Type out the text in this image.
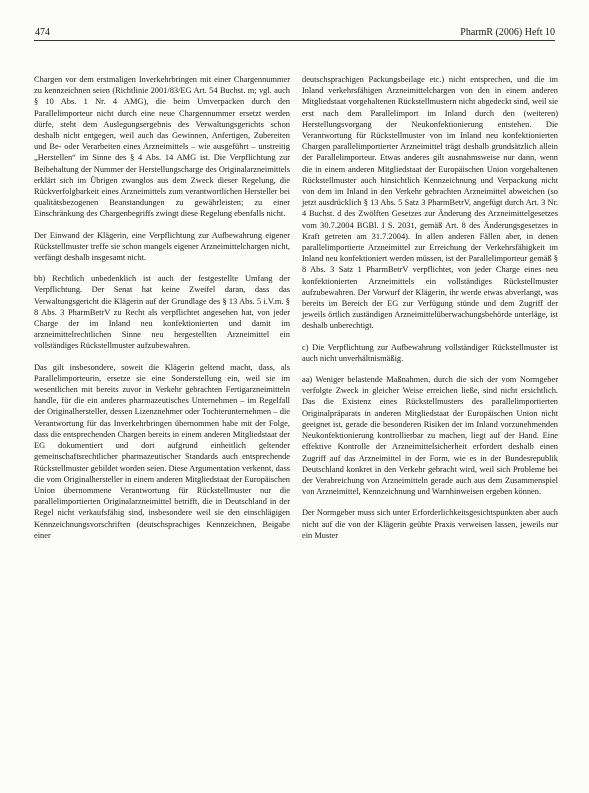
474	PharmR (2006) Heft 10

Chargen vor dem erstmaligen Inverkehrbringen mit einer Chargennummer zu kennzeichnen seien (Richtlinie 2001/83/EG Art. 54 Buchst. m; vgl. auch § 10 Abs. 1 Nr. 4 AMG), die beim Umverpacken durch den Parallelimporteur nicht durch eine neue Chargennummer ersetzt werden dürfe, steht dem Auslegungsergebnis des Verwaltungsgerichts schon deshalb nicht entgegen, weil auch das Gewinnen, Anfertigen, Zubereiten und Be- oder Verarbeiten eines Arzneimittels – wie ausgeführt – unstreitig „Herstellen“ im Sinne des § 4 Abs. 14 AMG ist. Die Verpflichtung zur Beibehaltung der Nummer der Herstellungscharge des Originalarzneimittels erklärt sich im Übrigen zwanglos aus dem Zweck dieser Regelung, die Rückverfolgbarkeit eines Arzneimittels zum verantwortlichen Hersteller bei qualitätsbezogenen Beanstandungen zu gewährleisten; zu einer Einschränkung des Chargenbegriffs zwingt diese Regelung ebenfalls nicht.

Der Einwand der Klägerin, eine Verpflichtung zur Aufbewahrung eigener Rückstellmuster treffe sie schon mangels eigener Arzneimittelchargen nicht, verfängt deshalb insgesamt nicht.

bb) Rechtlich unbedenklich ist auch der festgestellte Umfang der Verpflichtung. Der Senat hat keine Zweifel daran, dass das Verwaltungsgericht die Klägerin auf der Grundlage des § 13 Abs. 5 i.V.m. § 8 Abs. 3 PharmBetrV zu Recht als verpflichtet angesehen hat, von jeder Charge der im Inland neu konfektionierten und damit im arzneimittelrechtlichen Sinne neu hergestellten Arzneimittel ein vollständiges Rückstellmuster aufzubewahren.

Das gilt insbesondere, soweit die Klägerin geltend macht, dass, als Parallelimporteurin, ersetze sie eine Sonderstellung ein, weil sie im wesentlichen mit bereits zuvor in Verkehr gebrachten Fertigarzneimitteln handle, für die ein anderes pharmazeutisches Unternehmen – im Regelfall der Originalhersteller, dessen Lizenznehmer oder Tochterunternehmen – die Verantwortung für das Inverkehrbringen übernommen habe mit der Folge, dass die entsprechenden Chargen bereits in einem anderen Mitgliedstaat der EG dokumentiert und dort aufgrund einheitlich geltender gemeinschaftsrechtlicher pharmazeutischer Standards auch entsprechende Rückstellmuster gebildet worden seien. Diese Argumentation verkennt, dass die vom Originalhersteller in einem anderen Mitgliedstaat der Europäischen Union übernommene Verantwortung für Rückstellmuster nur die parallelimportierten Originalarzneimittel betrifft, die in Deutschland in der Regel nicht verkaufsfähig sind, insbesondere weil sie den einschlägigen Kennzeichnungsvorschriften (deutschsprachiges Kennzeichnen, Beigabe einer

deutschsprachigen Packungsbeilage etc.) nicht entsprechen, und die im Inland verkehrsfähigen Arzneimittelchargen von den in einem anderen Mitgliedstaat vorgehaltenen Rückstellmustern nicht abgedeckt sind, weil sie erst nach dem Parallelimport im Inland durch den (weiteren) Herstellungsvorgang der Neukonfektionierung entstehen. Die Verantwortung für Rückstellmuster von im Inland neu konfektionierten Chargen parallelimportierter Arzneimittel trägt deshalb grundsätzlich allein der Parallelimporteur. Etwas anderes gilt ausnahmsweise nur dann, wenn die in einem anderen Mitgliedstaat der Europäischen Union vorgehaltenen Rückstellmuster auch hinsichtlich Kennzeichnung und Verpackung nicht von dem im Inland in den Verkehr gebrachten Arzneimittel abweichen (so jetzt ausdrücklich § 13 Abs. 5 Satz 3 PharmBetrV, angefügt durch Art. 3 Nr. 4 Buchst. d des Zwölften Gesetzes zur Änderung des Arzneimittelgesetzes vom 30.7.2004 BGBl. I S. 2031, gemäß Art. 8 des Änderungsgesetzes in Kraft getreten am 31.7.2004). In allen anderen Fällen aber, in denen parallelimportierte Arzneimittel zur Erreichung der Verkehrsfähigkeit im Inland neu konfektioniert werden müssen, ist der Parallelimporteur gemäß § 8 Abs. 3 Satz 1 PharmBetrV verpflichtet, von jeder Charge eines neu konfektionierten Arzneimittels ein vollständiges Rückstellmuster aufzubewahren. Der Vorwurf der Klägerin, ihr werde etwas abverlangt, was bereits im Bereich der EG zur Verfügung stünde und dem Zugriff der jeweils örtlich zuständigen Arzneimittelüberwachungsbehörde unterläge, ist deshalb unberechtigt.

c) Die Verpflichtung zur Aufbewahrung vollständiger Rückstellmuster ist auch nicht unverhältnismäßig.

aa) Weniger belastende Maßnahmen, durch die sich der vom Normgeber verfolgte Zweck in gleicher Weise erreichen ließe, sind nicht ersichtlich. Das die Existenz eines Rückstellmusters des parallelimportierten Originalpräparats in anderen Mitgliedstaat der Europäischen Union nicht geeignet ist, gerade die besonderen Risiken der im Inland vorzunehmenden Neukonfektionierung kontrollierbar zu machen, liegt auf der Hand. Eine effektive Kontrolle der Arzneimittelsicherheit erfordert deshalb einen Zugriff auf das Arzneimittel in der Form, wie es in der Bundesrepublik Deutschland konkret in den Verkehr gebracht wird, weil sich Probleme bei der Verabreichung von Arzneimitteln gerade auch aus dem Zusammenspiel von Arzneimittel, Kennzeichnung und Warnhinweisen ergeben können.

Der Normgeber muss sich unter Erforderlichkeitsgesichtspunkten aber auch nicht auf die von der Klägerin geübte Praxis verweisen lassen, jeweils nur ein Muster
